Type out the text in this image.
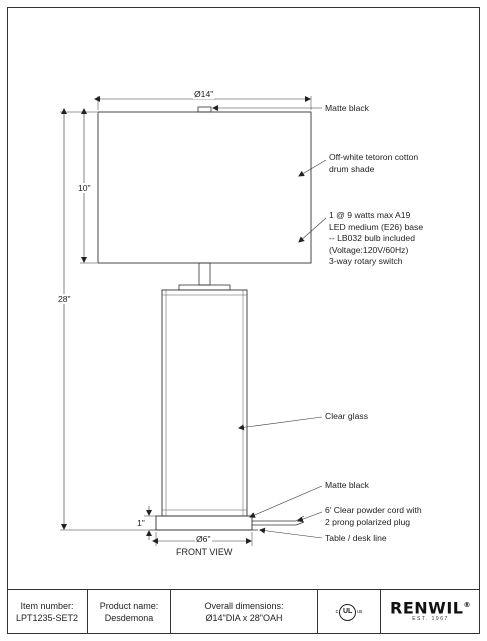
Ø14"
10"
28"
1"
Ø6"
Matte black
Off-white tetoron cotton
drum shade
1 @ 9 watts max A19
LED medium (E26) base
-- LB032 bulb included
(Voltage:120V/60Hz)
3-way rotary switch
Clear glass
Matte black
6' Clear powder cord with
2 prong polarized plug
Table / desk line
FRONT VIEW
Item number:
LPT1235-SET2
Product name:
Desdemona
Overall dimensions:
Ø14"DIA x 28"OAH
c UL us RENWIL®
EST. 1967
